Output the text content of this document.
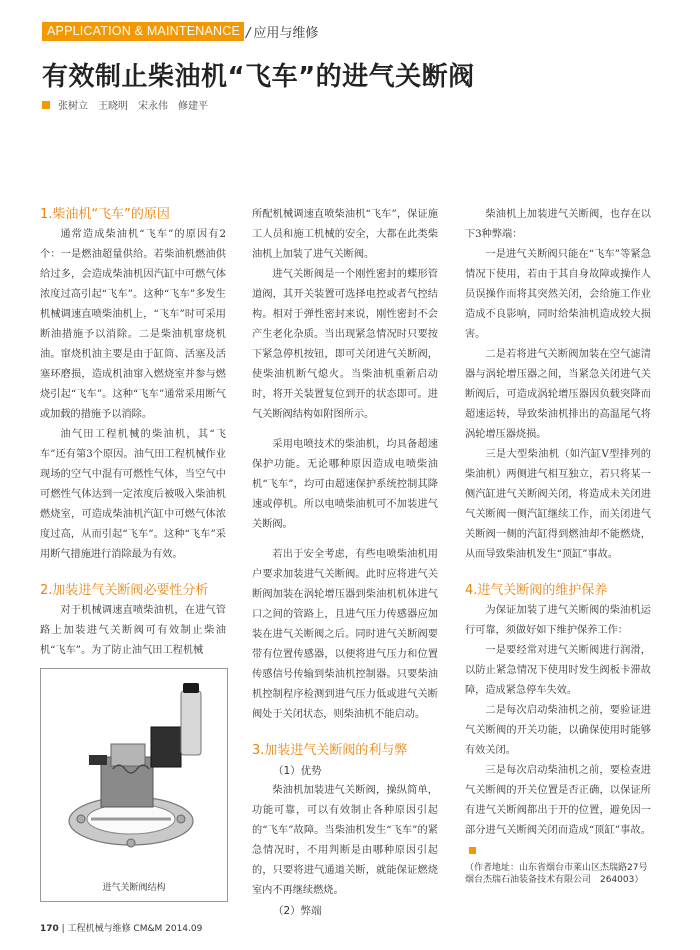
APPLICATION & MAINTENANCE / 应用与维修
有效制止柴油机“飞车”的进气关断阀
张树立　王晓明　宋永伟　修建平
1.柴油机“飞车”的原因

通常造成柴油机“飞车”的原因有2个：一是燃油超量供给。若柴油机燃油供给过多，会造成柴油机因汽缸中可燃气体浓度过高引起“飞车”。这种“飞车”多发生机械调速直喷柴油机上，“飞车”时可采用断油措施予以消除。二是柴油机窜烧机油。窜烧机油主要是由于缸筒、活塞及活塞环磨损，造成机油窜入燃烧室并参与燃烧引起“飞车”。这种“飞车”通常采用断气或加载的措施予以消除。

油气田工程机械的柴油机，其“飞车”还有第3个原因。油气田工程机械作业现场的空气中混有可燃性气体，当空气中可燃性气体达到一定浓度后被吸入柴油机燃烧室，可造成柴油机汽缸中可燃气体浓度过高，从而引起“飞车”。这种“飞车”采用断气措施进行消除最为有效。

2.加装进气关断阀必要性分析

对于机械调速直喷柴油机，在进气管路上加装进气关断阀可有效制止柴油机“飞车”。为了防止油气田工程机械

进气关断阀结构

所配机械调速直喷柴油机“飞车”，保证施工人员和施工机械的安全，大都在此类柴油机上加装了进气关断阀。

进气关断阀是一个刚性密封的蝶形管道阀，其开关装置可选择电控或者气控结构。相对于弹性密封来说，刚性密封不会产生老化杂质。当出现紧急情况时只要按下紧急停机按钮，即可关闭进气关断阀，使柴油机断气熄火。当柴油机重新启动时，将开关装置复位到开的状态即可。进气关断阀结构如附图所示。

采用电喷技术的柴油机，均具备超速保护功能。无论哪种原因造成电喷柴油机“飞车”，均可由超速保护系统控制其降速或停机。所以电喷柴油机可不加装进气关断阀。

若出于安全考虑，有些电喷柴油机用户要求加装进气关断阀。此时应将进气关断阀加装在涡轮增压器到柴油机机体进气口之间的管路上，且进气压力传感器应加装在进气关断阀之后。同时进气关断阀要带有位置传感器，以便将进气压力和位置传感信号传输到柴油机控制器。只要柴油机控制程序检测到进气压力低或进气关断阀处于关闭状态，则柴油机不能启动。

3.加装进气关断阀的利与弊

（1）优势

柴油机加装进气关断阀，操纵简单，功能可靠，可以有效制止各种原因引起的“飞车”故障。当柴油机发生“飞车”的紧急情况时，不用判断是由哪种原因引起的，只要将进气通道关断，就能保证燃烧室内不再继续燃烧。

（2）弊端

柴油机上加装进气关断阀，也存在以下3种弊端：

一是进气关断阀只能在“飞车”等紧急情况下使用，若由于其自身故障或操作人员误操作而将其突然关闭，会给施工作业造成不良影响，同时给柴油机造成较大损害。

二是若将进气关断阀加装在空气滤清器与涡轮增压器之间，当紧急关闭进气关断阀后，可造成涡轮增压器因负载突降而超速运转，导致柴油机排出的高温尾气将涡轮增压器烧损。

三是大型柴油机（如汽缸V型排列的柴油机）两侧进气相互独立，若只将某一侧汽缸进气关断阀关闭，将造成未关闭进气关断阀一侧汽缸继续工作，而关闭进气关断阀一侧的汽缸得到燃油却不能燃烧，从而导致柴油机发生“顶缸”事故。

4.进气关断阀的维护保养

为保证加装了进气关断阀的柴油机运行可靠，须做好如下维护保养工作：

一是要经常对进气关断阀进行润滑，以防止紧急情况下使用时发生阀板卡滞故障，造成紧急停车失效。

二是每次启动柴油机之前，要验证进气关断阀的开关功能，以确保使用时能够有效关闭。

三是每次启动柴油机之前，要检查进气关断阀的开关位置是否正确，以保证所有进气关断阀都出于开的位置，避免因一部分进气关断阀关闭而造成“顶缸”事故。

（作者地址：山东省烟台市莱山区杰瑞路27号　烟台杰瑞石油装备技术有限公司　264003）
170 | 工程机械与维修 CM&M 2014.09
